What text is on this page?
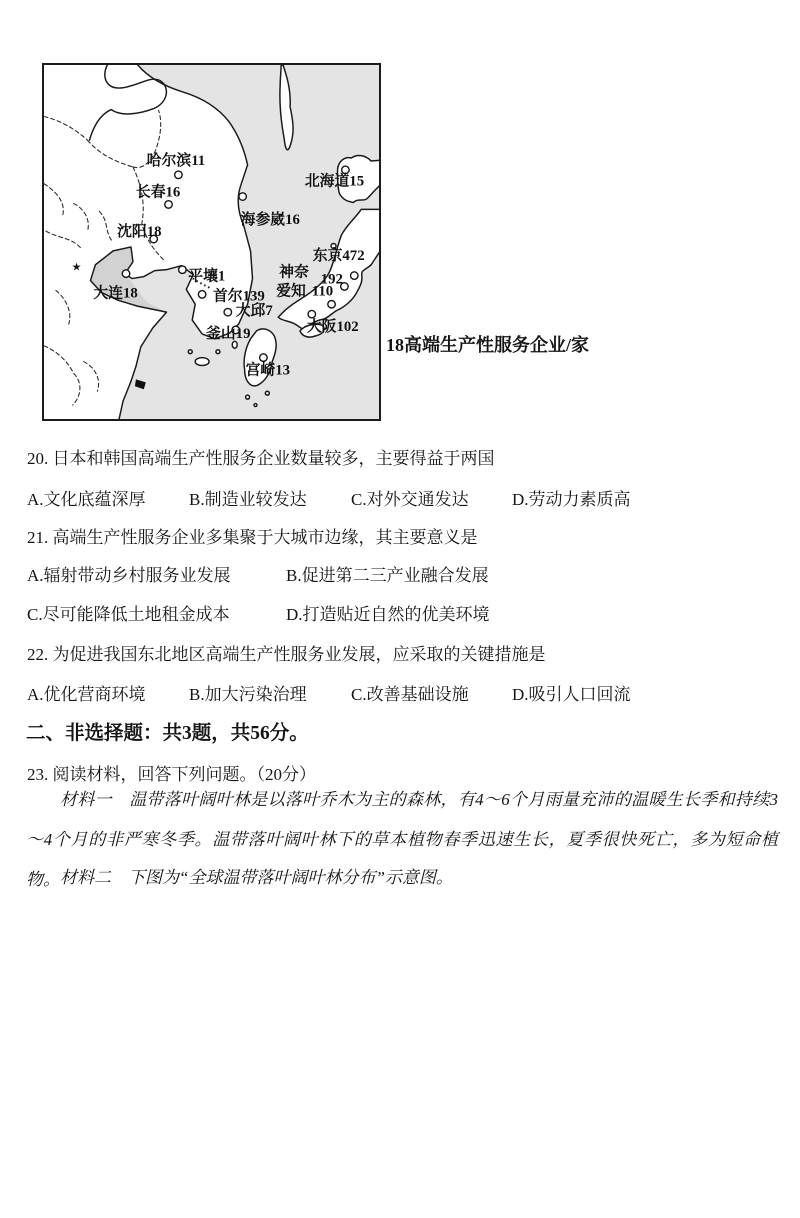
★
哈尔滨11
长春16
沈阳18
大连18
海参崴16
北海道15
东京472
神奈 192
爱知 110
大阪102
平壤1
首尔139
大邱7
釜山19
宫崎13
18高端生产性服务企业/家
20. 日本和韩国高端生产性服务企业数量较多，主要得益于两国
A.文化底蕴深厚	B.制造业较发达	C.对外交通发达	D.劳动力素质高
21. 高端生产性服务企业多集聚于大城市边缘，其主要意义是
A.辐射带动乡村服务业发展	B.促进第二三产业融合发展
C.尽可能降低土地租金成本	D.打造贴近自然的优美环境
22. 为促进我国东北地区高端生产性服务业发展，应采取的关键措施是
A.优化营商环境	B.加大污染治理	C.改善基础设施	D.吸引人口回流
二、非选择题：共3题，共56分。
23. 阅读材料，回答下列问题。（20分）
材料一　温带落叶阔叶林是以落叶乔木为主的森林，有4～6个月雨量充沛的温暖生长季和持续3～4个月的非严寒冬季。温带落叶阔叶林下的草本植物春季迅速生长，夏季很快死亡，多为短命植物。 材料二　下图为“全球温带落叶阔叶林分布”示意图。
